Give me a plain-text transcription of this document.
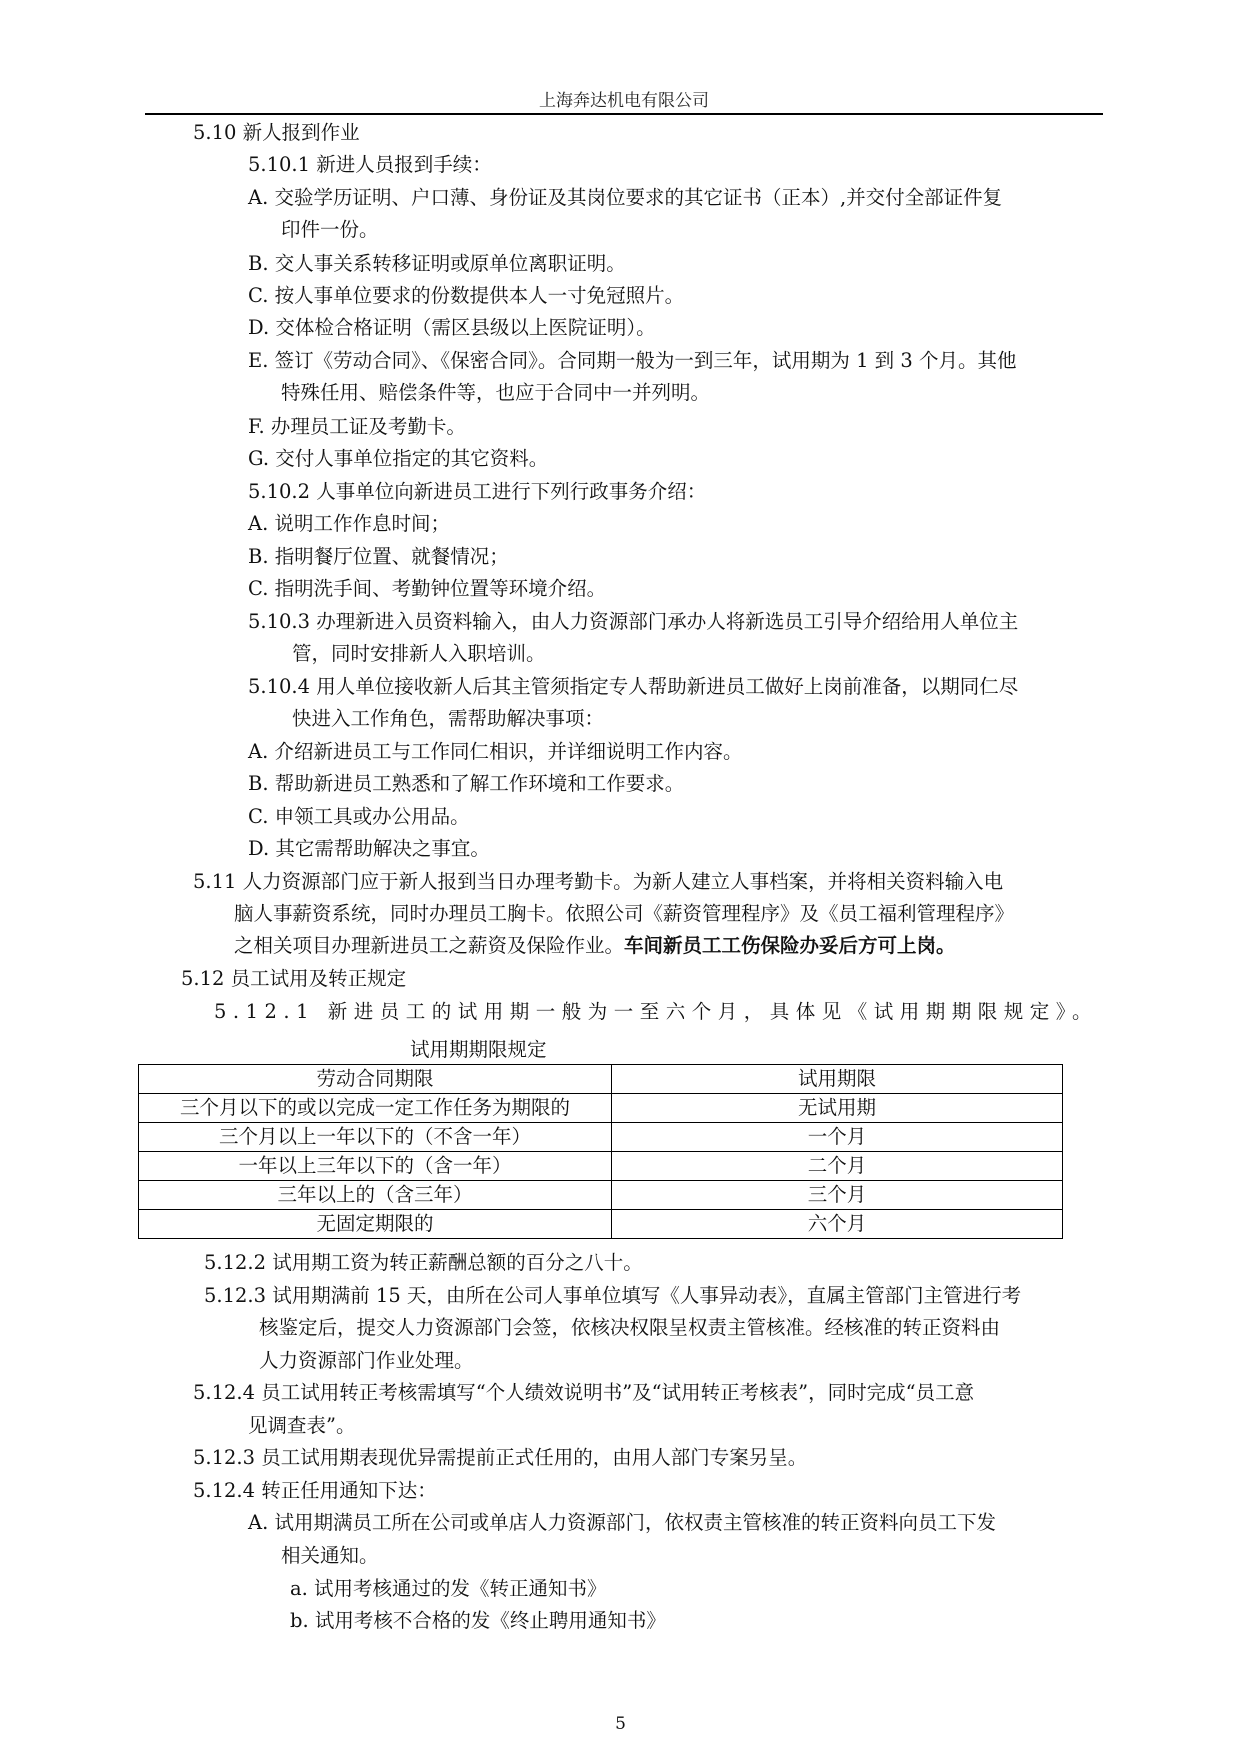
上海奔达机电有限公司
5.10 新人报到作业
5.10.1 新进人员报到手续：
A. 交验学历证明、户口薄、身份证及其岗位要求的其它证书（正本）,并交付全部证件复
印件一份。
B. 交人事关系转移证明或原单位离职证明。
C. 按人事单位要求的份数提供本人一寸免冠照片。
D. 交体检合格证明（需区县级以上医院证明）。
E. 签订《劳动合同》、《保密合同》。合同期一般为一到三年，试用期为 1 到 3 个月。其他
特殊任用、赔偿条件等，也应于合同中一并列明。
F. 办理员工证及考勤卡。
G. 交付人事单位指定的其它资料。
5.10.2 人事单位向新进员工进行下列行政事务介绍：
A. 说明工作作息时间；
B. 指明餐厅位置、就餐情况；
C. 指明洗手间、考勤钟位置等环境介绍。
5.10.3 办理新进入员资料输入，由人力资源部门承办人将新选员工引导介绍给用人单位主
管，同时安排新人入职培训。
5.10.4 用人单位接收新人后其主管须指定专人帮助新进员工做好上岗前准备，以期同仁尽
快进入工作角色，需帮助解决事项：
A. 介绍新进员工与工作同仁相识，并详细说明工作内容。
B. 帮助新进员工熟悉和了解工作环境和工作要求。
C. 申领工具或办公用品。
D. 其它需帮助解决之事宜。
5.11 人力资源部门应于新人报到当日办理考勤卡。为新人建立人事档案，并将相关资料输入电
脑人事薪资系统，同时办理员工胸卡。依照公司《薪资管理程序》及《员工福利管理程序》
之相关项目办理新进员工之薪资及保险作业。车间新员工工伤保险办妥后方可上岗。
5.12 员工试用及转正规定
5.12.1 新进员工的试用期一般为一至六个月，具体见《试用期期限规定》。
试用期期限规定
劳动合同期限	试用期限
三个月以下的或以完成一定工作任务为期限的	无试用期
三个月以上一年以下的（不含一年）	一个月
一年以上三年以下的（含一年）	二个月
三年以上的（含三年）	三个月
无固定期限的	六个月
5.12.2 试用期工资为转正薪酬总额的百分之八十。
5.12.3 试用期满前 15 天，由所在公司人事单位填写《人事异动表》，直属主管部门主管进行考
核鉴定后，提交人力资源部门会签，依核决权限呈权责主管核准。经核准的转正资料由
人力资源部门作业处理。
5.12.4 员工试用转正考核需填写“个人绩效说明书”及“试用转正考核表”，同时完成“员工意
见调查表”。
5.12.3 员工试用期表现优异需提前正式任用的，由用人部门专案另呈。
5.12.4 转正任用通知下达：
A. 试用期满员工所在公司或单店人力资源部门，依权责主管核准的转正资料向员工下发
相关通知。
a. 试用考核通过的发《转正通知书》
b. 试用考核不合格的发《终止聘用通知书》
5
